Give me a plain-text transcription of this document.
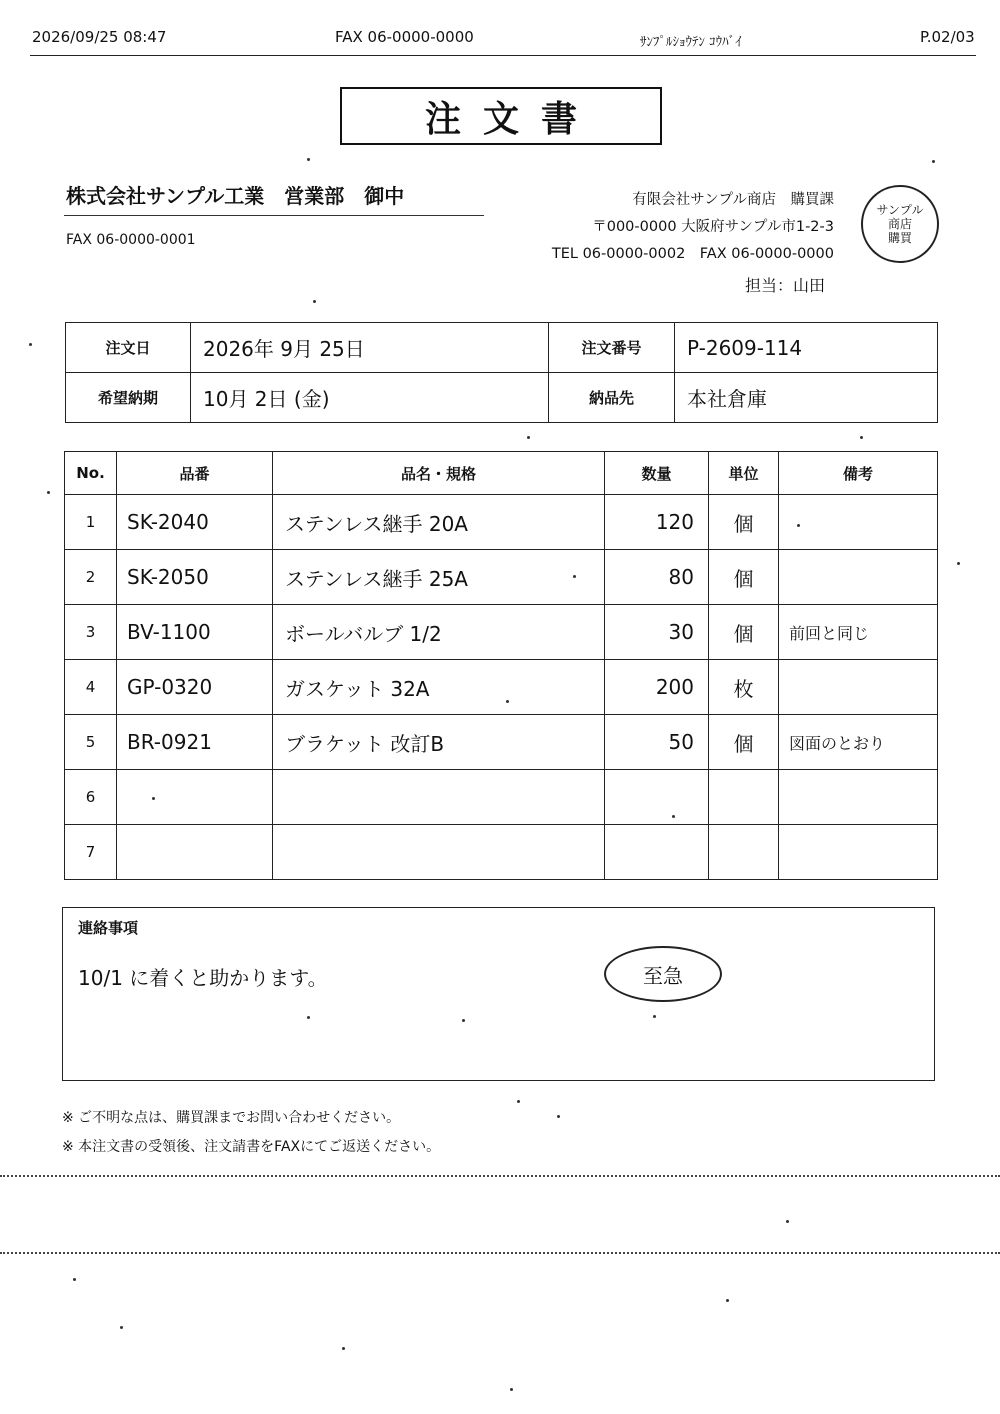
2026/09/25 08:47	FAX 06-0000-0000	ｻﾝﾌﾟﾙｼｮｳﾃﾝ ｺｳﾊﾞｲ	P.02/03
注文書
株式会社サンプル工業　営業部　御中
FAX 06-0000-0001
有限会社サンプル商店　購買課
〒000-0000 大阪府サンプル市1-2-3
TEL 06-0000-0002　FAX 06-0000-0000
担当：山田
サンプル
商店
購買
注文日	2026年 9月 25日	注文番号	P-2609-114
希望納期	10月 2日 (金)	納品先	本社倉庫
No.	品番	品名・規格	数量	単位	備考
1	SK-2040	ステンレス継手 20A	120	個	
2	SK-2050	ステンレス継手 25A	80	個	
3	BV-1100	ボールバルブ 1/2	30	個	前回と同じ
4	GP-0320	ガスケット 32A	200	枚	
5	BR-0921	ブラケット 改訂B	50	個	図面のとおり
6					
7					
連絡事項
10/1 に着くと助かります。	至急
※ ご不明な点は、購買課までお問い合わせください。
※ 本注文書の受領後、注文請書をFAXにてご返送ください。
